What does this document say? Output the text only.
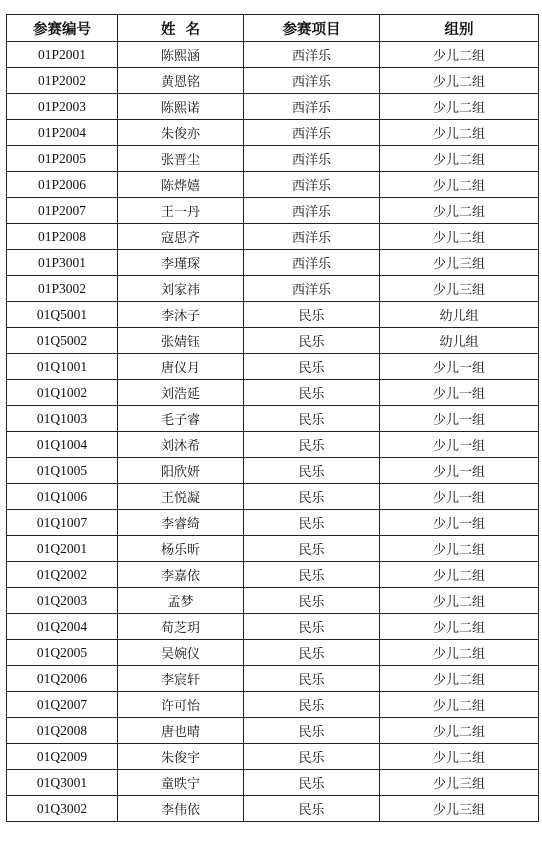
参赛编号	姓  名	参赛项目	组别
01P2001	陈熙涵	西洋乐	少儿二组
01P2002	黄恩铭	西洋乐	少儿二组
01P2003	陈熙诺	西洋乐	少儿二组
01P2004	朱俊亦	西洋乐	少儿二组
01P2005	张晋尘	西洋乐	少儿二组
01P2006	陈烨嬉	西洋乐	少儿二组
01P2007	王一丹	西洋乐	少儿二组
01P2008	寇思齐	西洋乐	少儿二组
01P3001	李瑾琛	西洋乐	少儿三组
01P3002	刘家祎	西洋乐	少儿三组
01Q5001	李沐子	民乐	幼儿组
01Q5002	张婧钰	民乐	幼儿组
01Q1001	唐仪月	民乐	少儿一组
01Q1002	刘浩延	民乐	少儿一组
01Q1003	毛子睿	民乐	少儿一组
01Q1004	刘沐希	民乐	少儿一组
01Q1005	阳欣妍	民乐	少儿一组
01Q1006	王悦凝	民乐	少儿一组
01Q1007	李睿绮	民乐	少儿一组
01Q2001	杨乐昕	民乐	少儿二组
01Q2002	李嘉依	民乐	少儿二组
01Q2003	孟梦	民乐	少儿二组
01Q2004	荀芝玥	民乐	少儿二组
01Q2005	吴婉仪	民乐	少儿二组
01Q2006	李宸轩	民乐	少儿二组
01Q2007	许可怡	民乐	少儿二组
01Q2008	唐也晴	民乐	少儿二组
01Q2009	朱俊宇	民乐	少儿二组
01Q3001	童昳宁	民乐	少儿三组
01Q3002	李伟依	民乐	少儿三组
